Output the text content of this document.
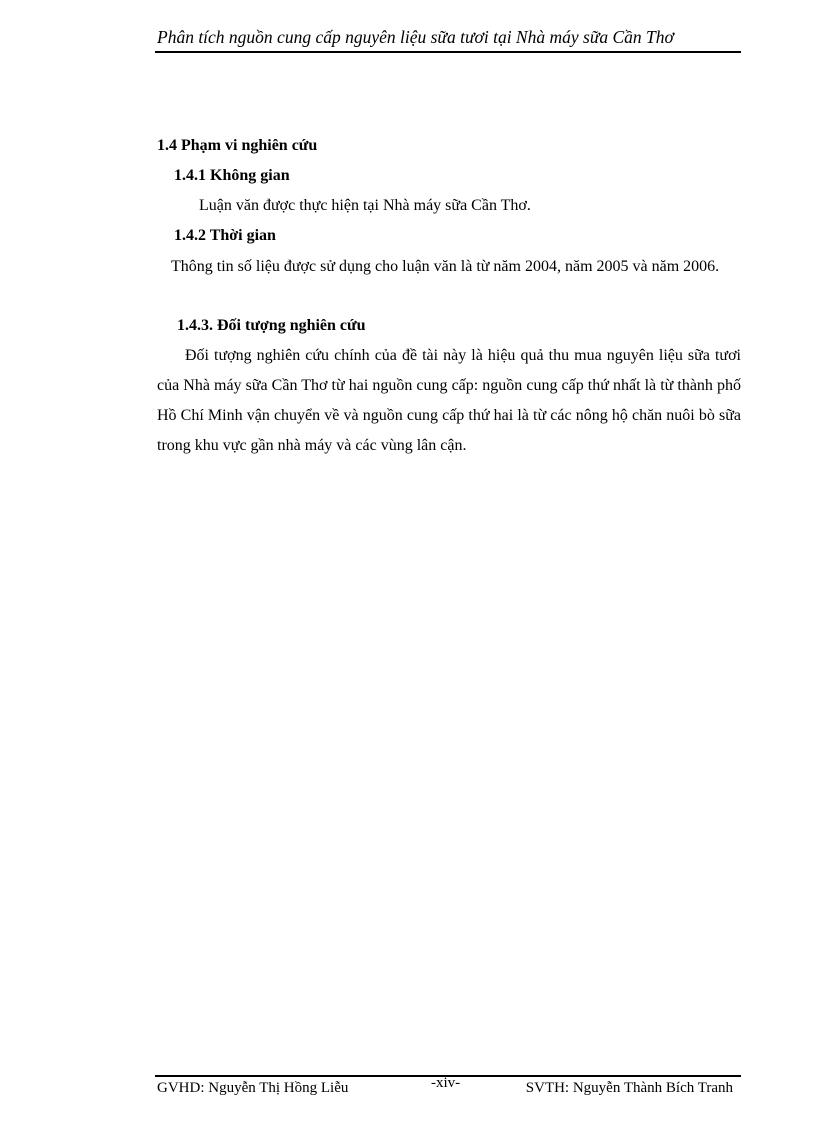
Phân tích nguồn cung cấp nguyên liệu sữa tươi tại Nhà máy sữa Cần Thơ
1.4 Phạm vi nghiên cứu
1.4.1 Không gian
Luận văn được thực hiện tại Nhà máy sữa Cần Thơ.
1.4.2 Thời gian
Thông tin số liệu được sử dụng cho luận văn là từ năm 2004, năm 2005 và năm 2006.
1.4.3. Đối tượng nghiên cứu
Đối tượng nghiên cứu chính của đề tài này là hiệu quả thu mua nguyên liệu sữa tươi của Nhà máy sữa Cần Thơ từ hai nguồn cung cấp: nguồn cung cấp thứ nhất là từ thành phố Hồ Chí Minh vận chuyển về và nguồn cung cấp thứ hai là từ các nông hộ chăn nuôi bò sữa trong khu vực gần nhà máy và các vùng lân cận.
GVHD: Nguyễn Thị Hồng Liễu	-xiv-	SVTH: Nguyễn Thành Bích Tranh
